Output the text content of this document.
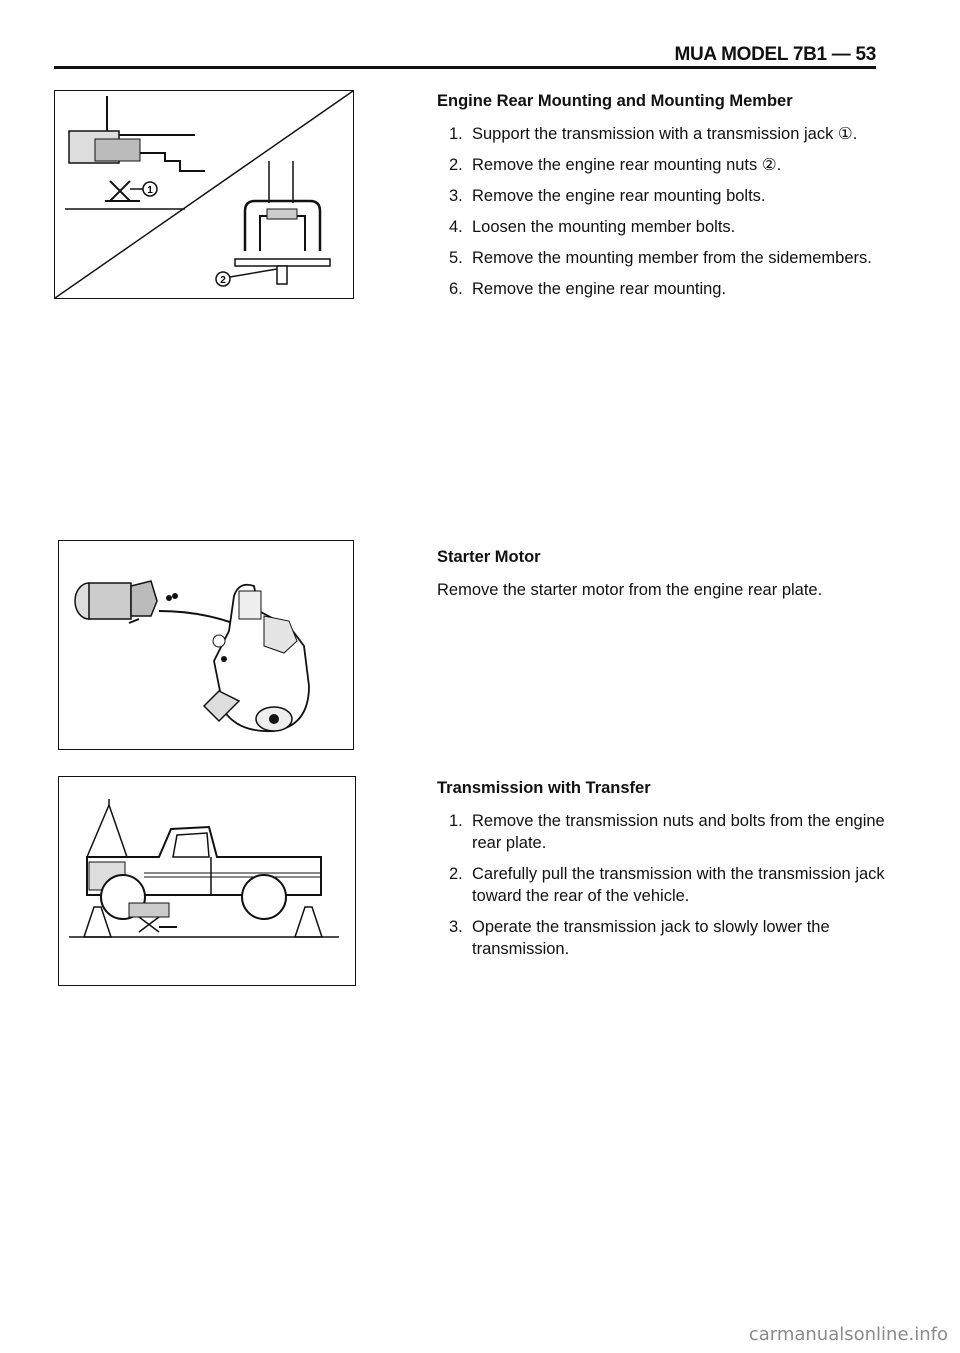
MUA MODEL 7B1 — 53
1
2
Engine Rear Mounting and Mounting Member
1. Support the transmission with a transmission jack ①.
2. Remove the engine rear mounting nuts ②.
3. Remove the engine rear mounting bolts.
4. Loosen the mounting member bolts.
5. Remove the mounting member from the sidemembers.
6. Remove the engine rear mounting.
Starter Motor

Remove the starter motor from the engine rear plate.

Transmission with Transfer
1. Remove the transmission nuts and bolts from the engine rear plate.
2. Carefully pull the transmission with the transmission jack toward the rear of the vehicle.
3. Operate the transmission jack to slowly lower the transmission.
carmanualsonline.info
